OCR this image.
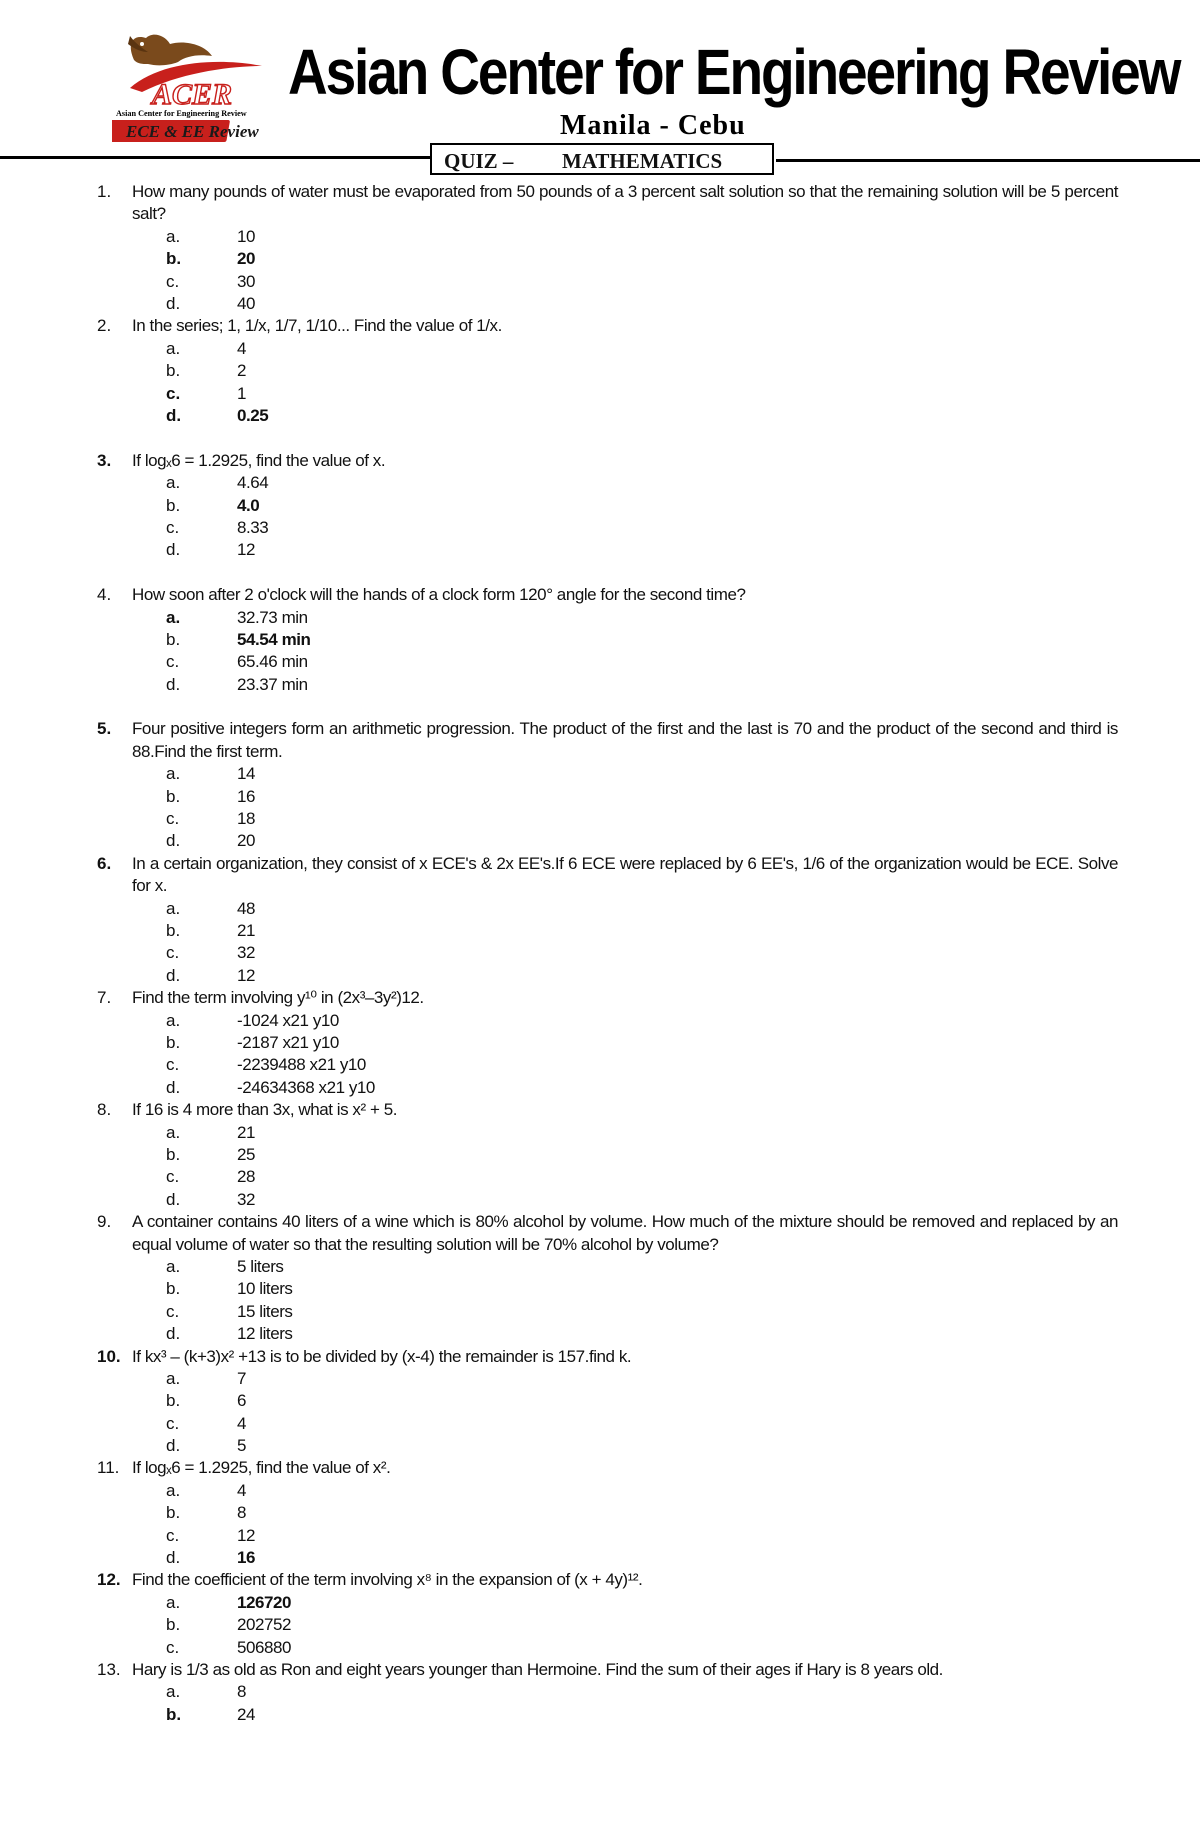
ACER
Asian Center for Engineering Review
ECE & EE Review
Asian Center for Engineering Review
Manila - Cebu
QUIZ – MATHEMATICS
1. How many pounds of water must be evaporated from 50 pounds of a 3 percent salt solution so that the remaining solution will be 5 percent salt?

a.	10
b.	20
c.	30
d.	40
2. In the series; 1, 1/x, 1/7, 1/10... Find the value of 1/x.

a.	4
b.	2
c.	1
d.	0.25
3. If logₓ6 = 1.2925, find the value of x.

a.	4.64
b.	4.0
c.	8.33
d.	12
4. How soon after 2 o'clock will the hands of a clock form 120° angle for the second time?

a.	32.73 min
b.	54.54 min
c.	65.46 min
d.	23.37 min
5. Four positive integers form an arithmetic progression. The product of the first and the last is 70 and the product of the second and third is 88.Find the first term.

a.	14
b.	16
c.	18
d.	20
6. In a certain organization, they consist of x ECE's & 2x EE's.If 6 ECE were replaced by 6 EE's, 1/6 of the organization would be ECE. Solve for x.

a.	48
b.	21
c.	32
d.	12
7. Find the term involving y¹⁰ in (2x³–3y²)12.

a.	-1024 x21 y10
b.	-2187 x21 y10
c.	-2239488 x21 y10
d.	-24634368 x21 y10
8. If 16 is 4 more than 3x, what is x² + 5.

a.	21
b.	25
c.	28
d.	32
9. A container contains 40 liters of a wine which is 80% alcohol by volume. How much of the mixture should be removed and replaced by an equal volume of water so that the resulting solution will be 70% alcohol by volume?

a.	5 liters
b.	10 liters
c.	15 liters
d.	12 liters
10. If kx³ – (k+3)x² +13 is to be divided by (x-4) the remainder is 157.find k.

a.	7
b.	6
c.	4
d.	5
11. If logₓ6 = 1.2925, find the value of x².

a.	4
b.	8
c.	12
d.	16
12. Find the coefficient of the term involving x⁸ in the expansion of (x + 4y)¹².

a.	126720
b.	202752
c.	506880
13. Hary is 1/3 as old as Ron and eight years younger than Hermoine. Find the sum of their ages if Hary is 8 years old.

a.	8
b.	24
